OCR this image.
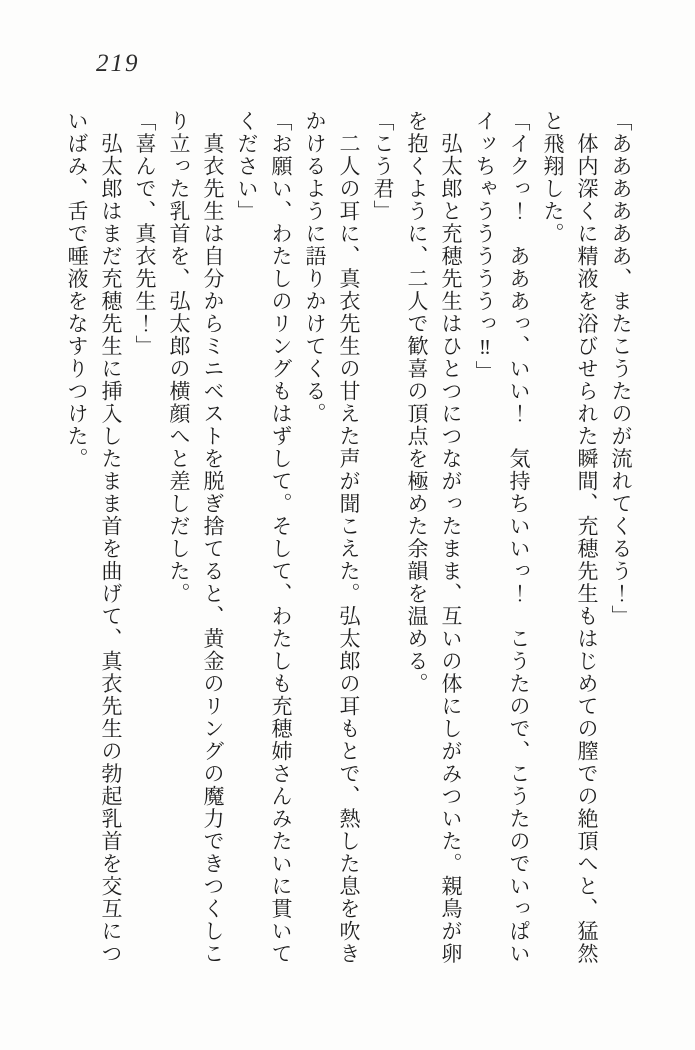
219
「ああああああ、またこうたのが流れてくるう！」
　体内深くに精液を浴びせられた瞬間、充穂先生もはじめての膣での絶頂へと、猛然
と飛翔した。
「イクっ！　あああっ、いい！　気持ちいいっ！　こうたので、こうたのでいっぱい
イッちゃうううううっ‼」
　弘太郎と充穂先生はひとつにつながったまま、互いの体にしがみついた。親鳥が卵
を抱くように、二人で歓喜の頂点を極めた余韻を温める。
「こう君」
　二人の耳に、真衣先生の甘えた声が聞こえた。弘太郎の耳もとで、熱した息を吹き
かけるように語りかけてくる。
「お願い、わたしのリングもはずして。そして、わたしも充穂姉さんみたいに貫いて
ください」
　真衣先生は自分からミニベストを脱ぎ捨てると、黄金のリングの魔力できつくしこ
り立った乳首を、弘太郎の横顔へと差しだした。
「喜んで、真衣先生！」
　弘太郎はまだ充穂先生に挿入したまま首を曲げて、真衣先生の勃起乳首を交互につ
いばみ、舌で唾液をなすりつけた。
